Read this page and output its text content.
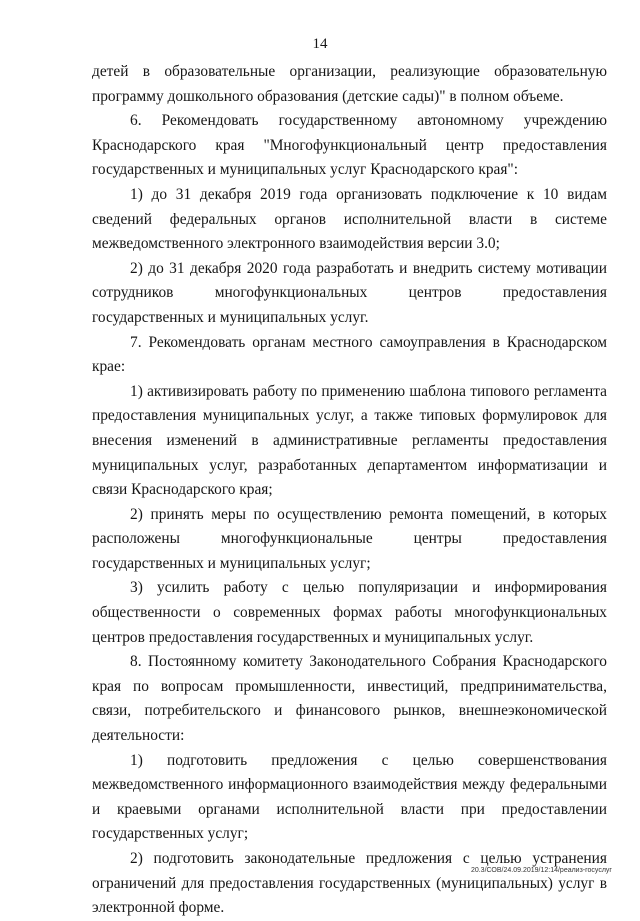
14

детей в образовательные организации, реализующие образовательную программу дошкольного образования (детские сады)" в полном объеме.

6. Рекомендовать государственному автономному учреждению Краснодарского края "Многофункциональный центр предоставления государственных и муниципальных услуг Краснодарского края":

1) до 31 декабря 2019 года организовать подключение к 10 видам сведений федеральных органов исполнительной власти в системе межведомственного электронного взаимодействия версии 3.0;

2) до 31 декабря 2020 года разработать и внедрить систему мотивации сотрудников многофункциональных центров предоставления государственных и муниципальных услуг.

7. Рекомендовать органам местного самоуправления в Краснодарском крае:

1) активизировать работу по применению шаблона типового регламента предоставления муниципальных услуг, а также типовых формулировок для внесения изменений в административные регламенты предоставления муниципальных услуг, разработанных департаментом информатизации и связи Краснодарского края;

2) принять меры по осуществлению ремонта помещений, в которых расположены многофункциональные центры предоставления государственных и муниципальных услуг;

3) усилить работу с целью популяризации и информирования общественности о современных формах работы многофункциональных центров предоставления государственных и муниципальных услуг.

8. Постоянному комитету Законодательного Собрания Краснодарского края по вопросам промышленности, инвестиций, предпринимательства, связи, потребительского и финансового рынков, внешнеэкономической деятельности:

1) подготовить предложения с целью совершенствования межведомственного информационного взаимодействия между федеральными и краевыми органами исполнительной власти при предоставлении государственных услуг;

2) подготовить законодательные предложения с целью устранения ограничений для предоставления государственных (муниципальных) услуг в электронной форме.

20.3/СОВ/24.09.2019/12:14/реализ-госуслуг
